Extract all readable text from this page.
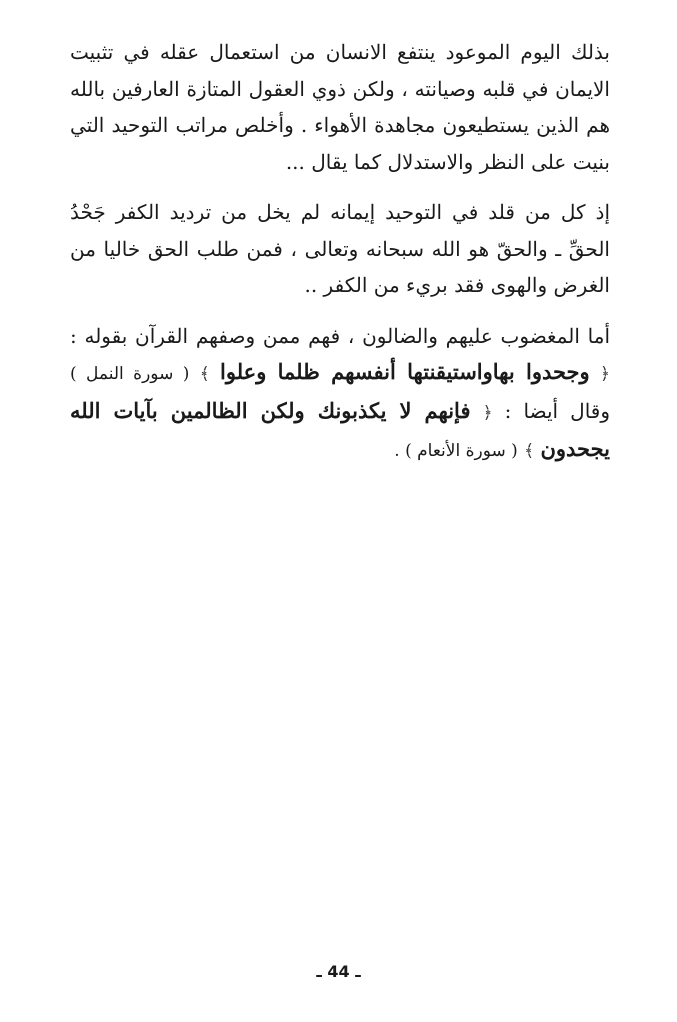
بذلك اليوم الموعود ينتفع الانسان من استعمال عقله في تثبيت الايمان في قلبه وصيانته ، ولكن ذوي العقول المتازة العارفين بالله هم الذين يستطيعون مجاهدة الأهواء . وأخلص مراتب التوحيد التي بنيت على النظر والاستدلال كما يقال ...

إذ كل من قلد في التوحيد إيمانه لم يخل من ترديد الكفر جَحْدُ الحقِّ ـ والحقّ هو الله سبحانه وتعالى ، فمن طلب الحق خاليا من الغرض والهوى فقد بريء من الكفر ..

أما المغضوب عليهم والضالون ، فهم ممن وصفهم القرآن بقوله : ﴿ وجحدوا بهاواستيقنتها أنفسهم ظلما وعلوا ﴾ ( سورة النمل ) وقال أيضا : ﴿ فإنهم لا يكذبونك ولكن الظالمين بآيات الله يجحدون ﴾ ( سورة الأنعام ) .

ـ 44 ـ
